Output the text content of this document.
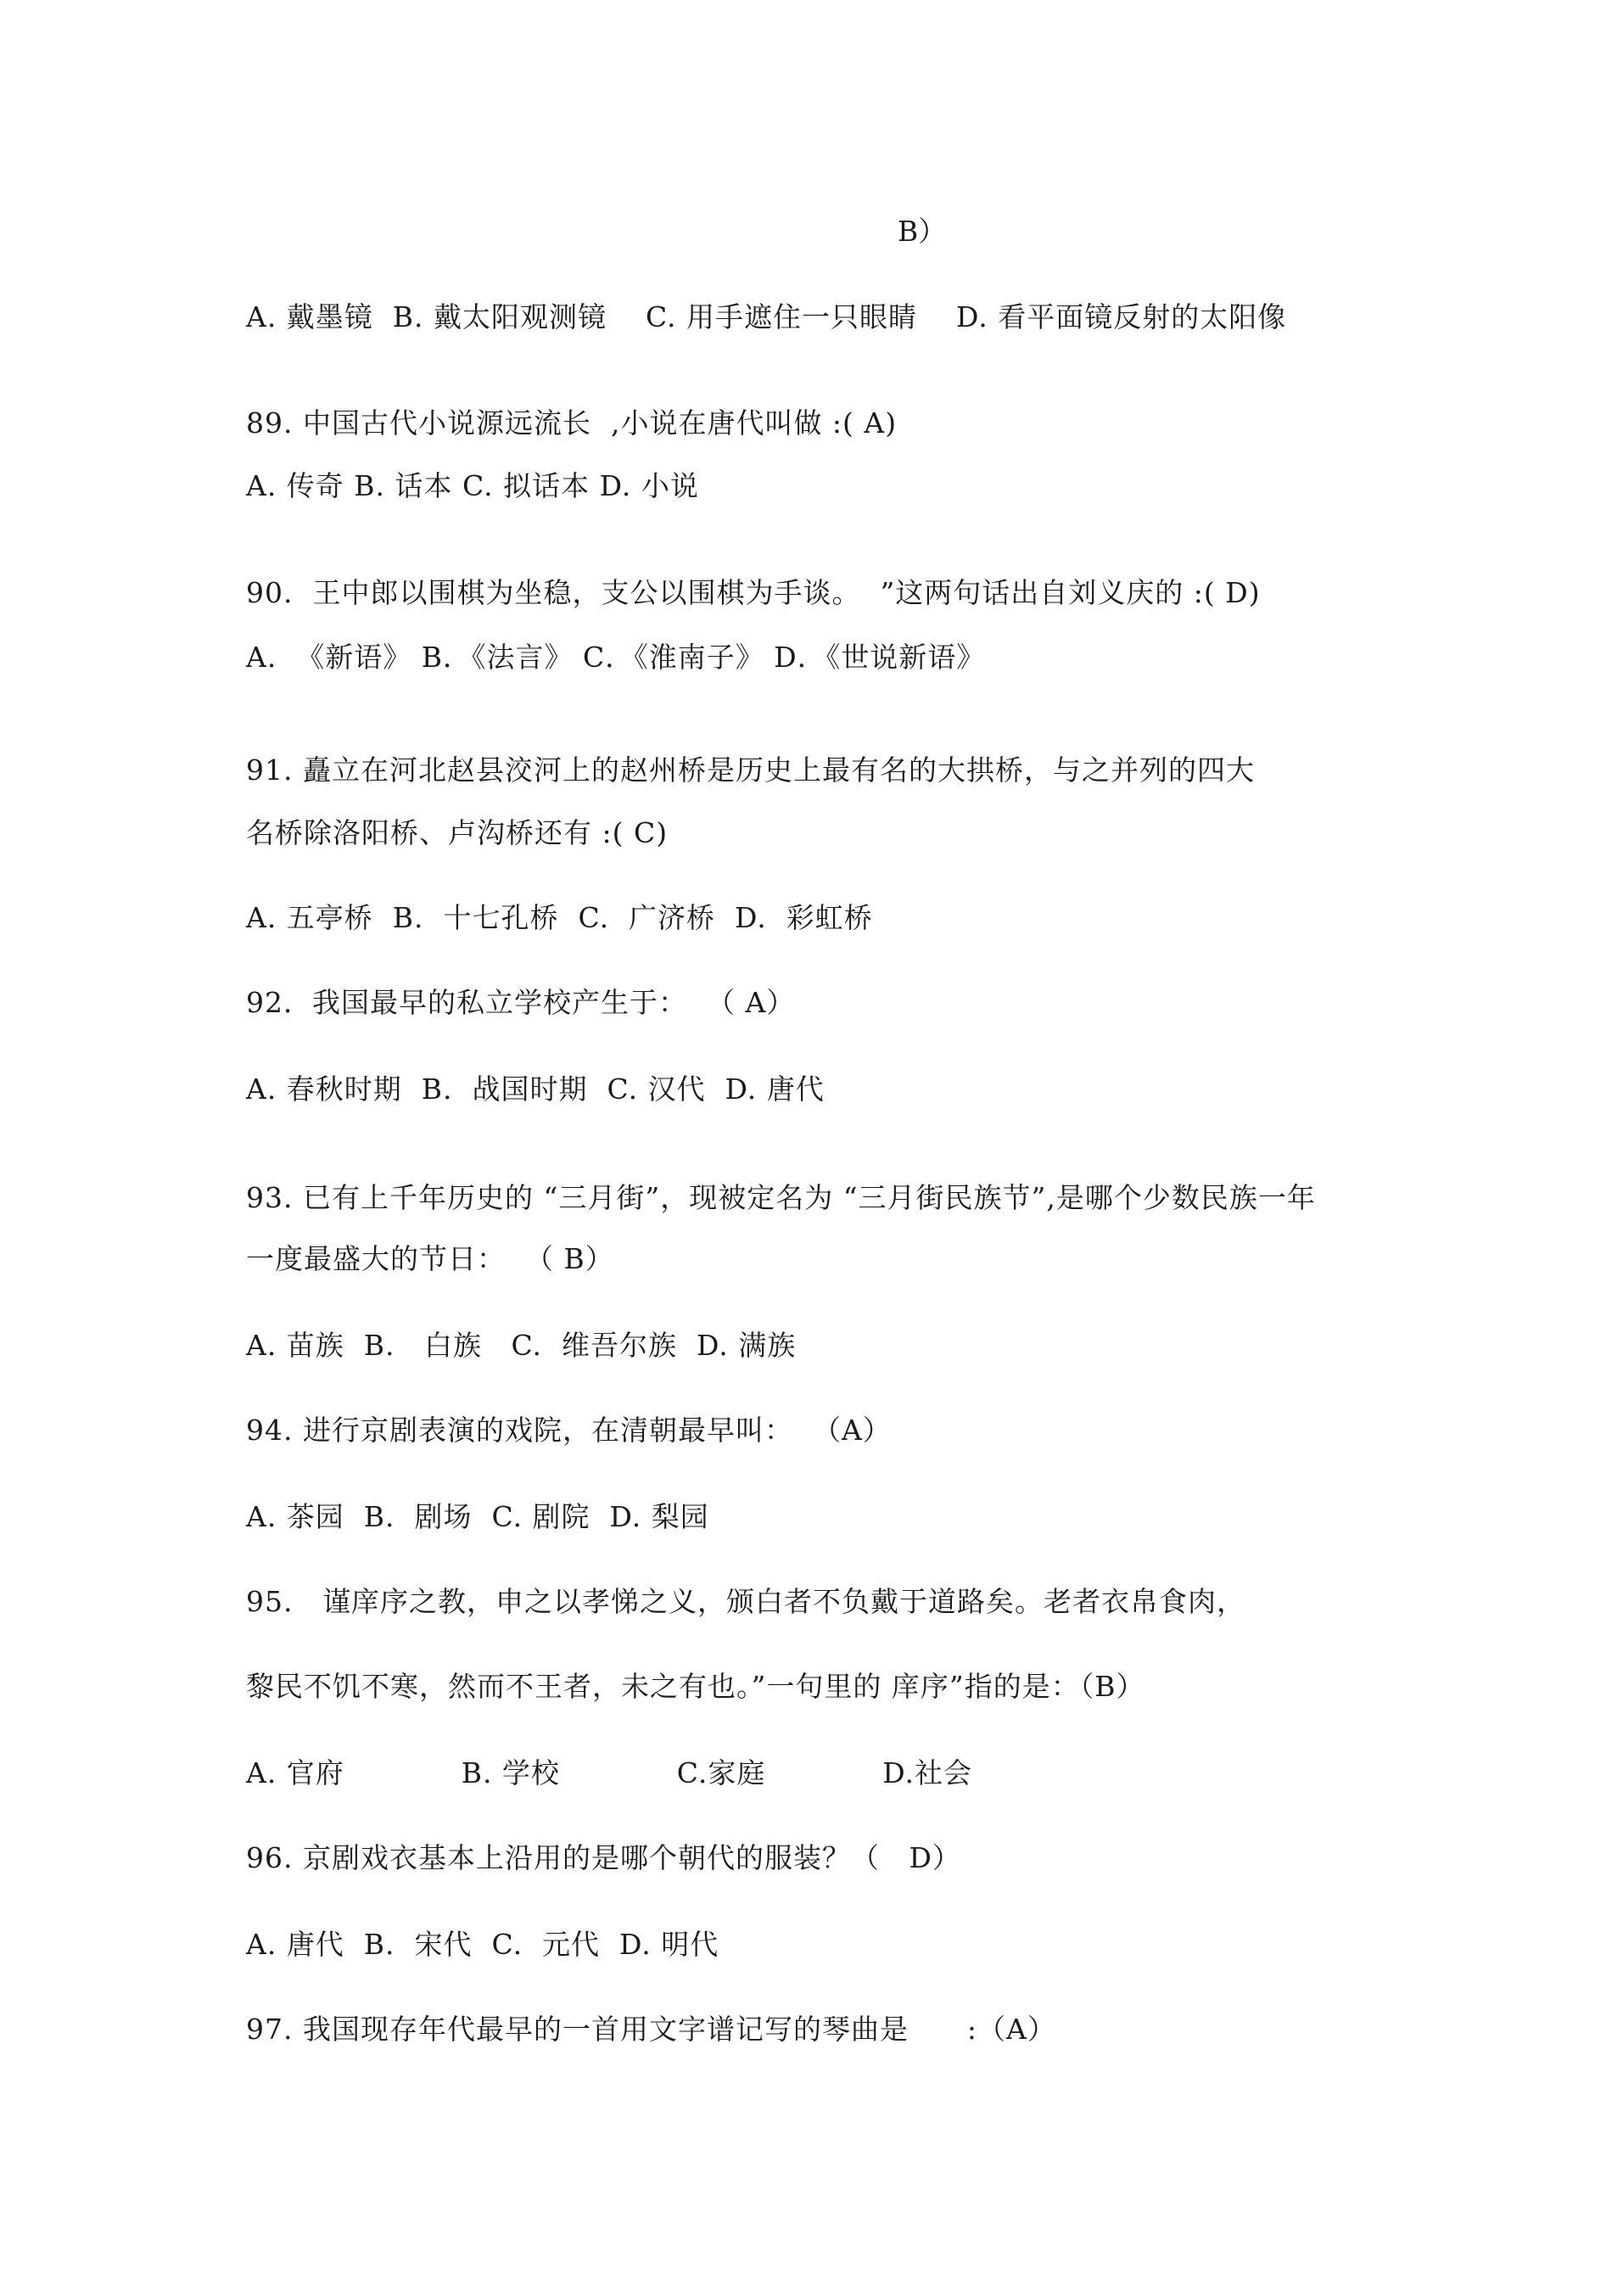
B）
A. 戴墨镜  B. 戴太阳观测镜    C. 用手遮住一只眼睛    D. 看平面镜反射的太阳像
89. 中国古代小说源远流长  ,小说在唐代叫做 :( A)
A. 传奇 B. 话本 C. 拟话本 D. 小说
90.  王中郎以围棋为坐稳，支公以围棋为手谈。  ”这两句话出自刘义庆的 :( D)
A.  《新语》 B．《法言》 C．《淮南子》 D．《世说新语》
91. 矗立在河北赵县洨河上的赵州桥是历史上最有名的大拱桥，与之并列的四大
名桥除洛阳桥、卢沟桥还有 :( C)
A. 五亭桥  B.  十七孔桥  C.  广济桥  D.  彩虹桥
92．我国最早的私立学校产生于：  （ A）
A. 春秋时期  B.  战国时期  C. 汉代  D. 唐代
93. 已有上千年历史的 “三月街”，现被定名为 “三月街民族节”,是哪个少数民族一年
一度最盛大的节日：  （ B）
A. 苗族  B.   白族   C.  维吾尔族  D. 满族
94. 进行京剧表演的戏院，在清朝最早叫：  （A）
A. 茶园  B.  剧场  C. 剧院  D. 梨园
95.   谨庠序之教，申之以孝悌之义，颁白者不负戴于道路矣。老者衣帛食肉，
黎民不饥不寒，然而不王者，未之有也。”一句里的 庠序”指的是：（B）
A. 官府            B. 学校            C.家庭            D.社会
96. 京剧戏衣基本上沿用的是哪个朝代的服装？（   D）
A. 唐代  B.  宋代  C.  元代  D. 明代
97. 我国现存年代最早的一首用文字谱记写的琴曲是      :（A）
